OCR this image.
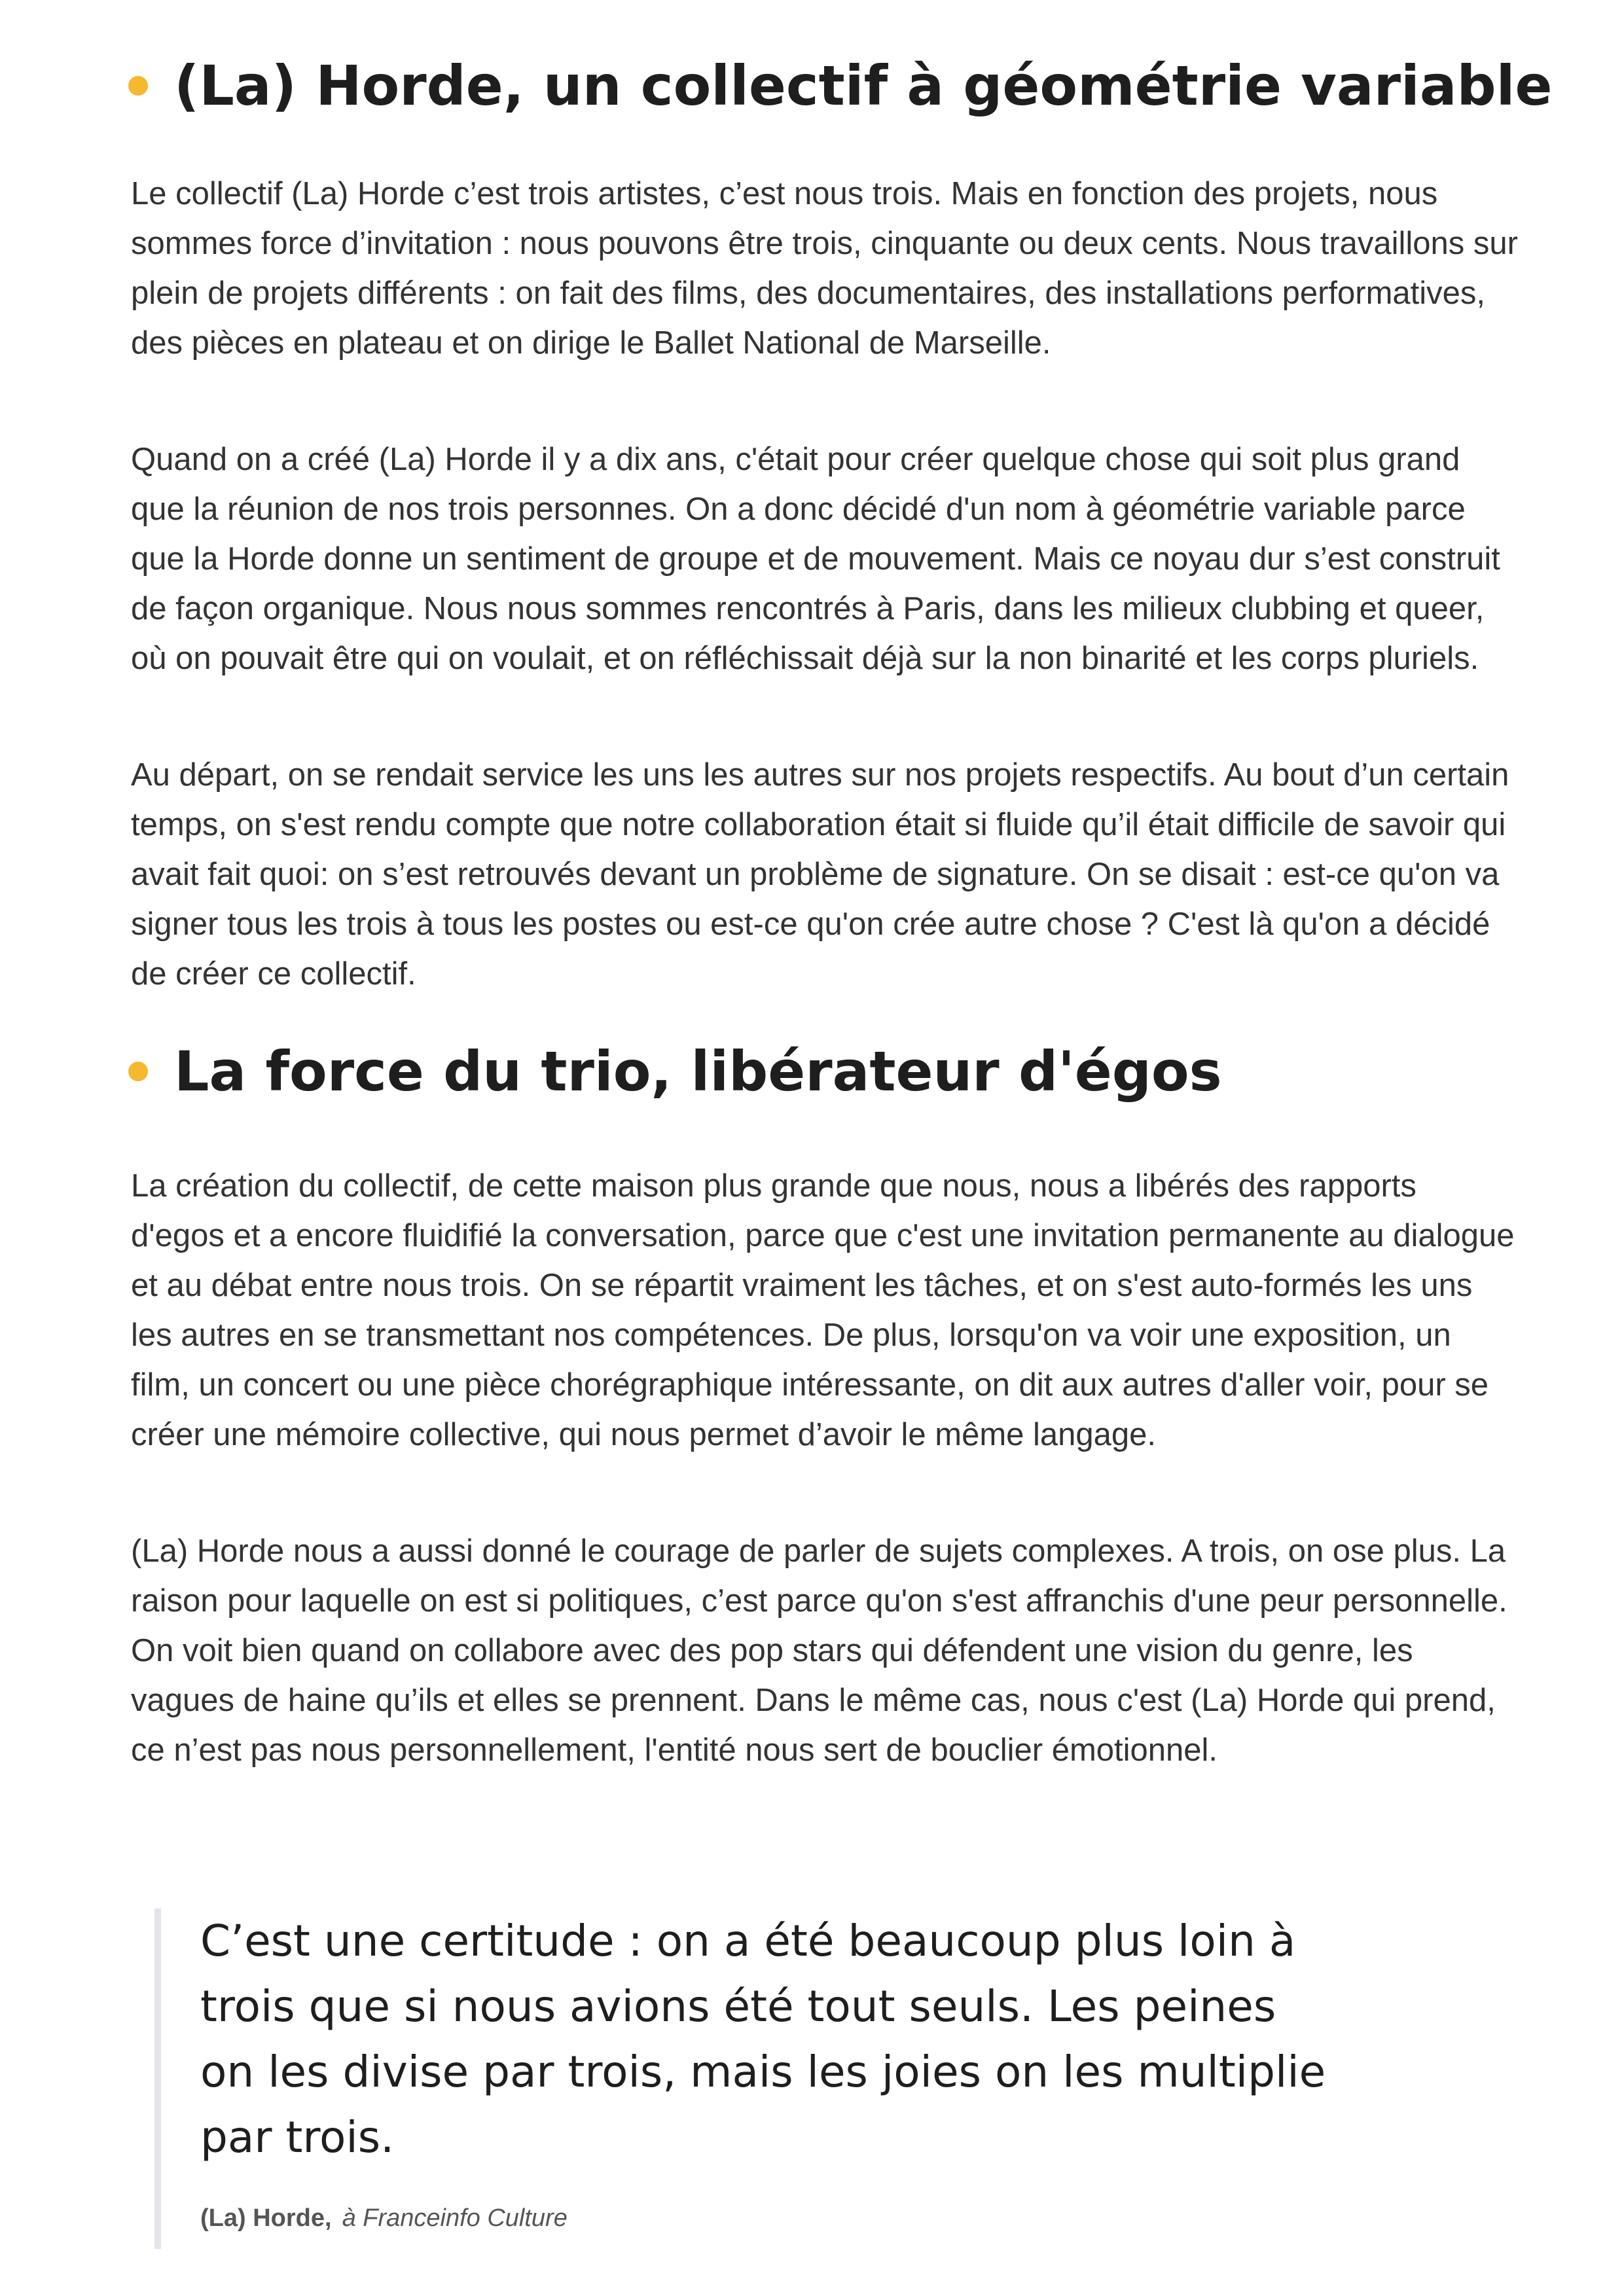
(La) Horde, un collectif à géométrie variable

Le collectif (La) Horde c’est trois artistes, c’est nous trois. Mais en fonction des projets, nous sommes force d’invitation : nous pouvons être trois, cinquante ou deux cents. Nous travaillons sur plein de projets différents : on fait des films, des documentaires, des installations performatives, des pièces en plateau et on dirige le Ballet National de Marseille.

Quand on a créé (La) Horde il y a dix ans, c'était pour créer quelque chose qui soit plus grand que la réunion de nos trois personnes. On a donc décidé d'un nom à géométrie variable parce que la Horde donne un sentiment de groupe et de mouvement. Mais ce noyau dur s’est construit de façon organique. Nous nous sommes rencontrés à Paris, dans les milieux clubbing et queer, où on pouvait être qui on voulait, et on réfléchissait déjà sur la non binarité et les corps pluriels.

Au départ, on se rendait service les uns les autres sur nos projets respectifs. Au bout d’un certain temps, on s'est rendu compte que notre collaboration était si fluide qu’il était difficile de savoir qui avait fait quoi: on s’est retrouvés devant un problème de signature. On se disait : est-ce qu'on va signer tous les trois à tous les postes ou est-ce qu'on crée autre chose ? C'est là qu'on a décidé de créer ce collectif.

La force du trio, libérateur d'égos

La création du collectif, de cette maison plus grande que nous, nous a libérés des rapports d'egos et a encore fluidifié la conversation, parce que c'est une invitation permanente au dialogue et au débat entre nous trois. On se répartit vraiment les tâches, et on s'est auto-formés les uns les autres en se transmettant nos compétences. De plus, lorsqu'on va voir une exposition, un film, un concert ou une pièce chorégraphique intéressante, on dit aux autres d'aller voir, pour se créer une mémoire collective, qui nous permet d’avoir le même langage.

(La) Horde nous a aussi donné le courage de parler de sujets complexes. A trois, on ose plus. La raison pour laquelle on est si politiques, c’est parce qu'on s'est affranchis d'une peur personnelle. On voit bien quand on collabore avec des pop stars qui défendent une vision du genre, les vagues de haine qu’ils et elles se prennent. Dans le même cas, nous c'est (La) Horde qui prend, ce n’est pas nous personnellement, l'entité nous sert de bouclier émotionnel.

C’est une certitude : on a été beaucoup plus loin à trois que si nous avions été tout seuls. Les peines on les divise par trois, mais les joies on les multiplie par trois.

(La) Horde, à Franceinfo Culture
